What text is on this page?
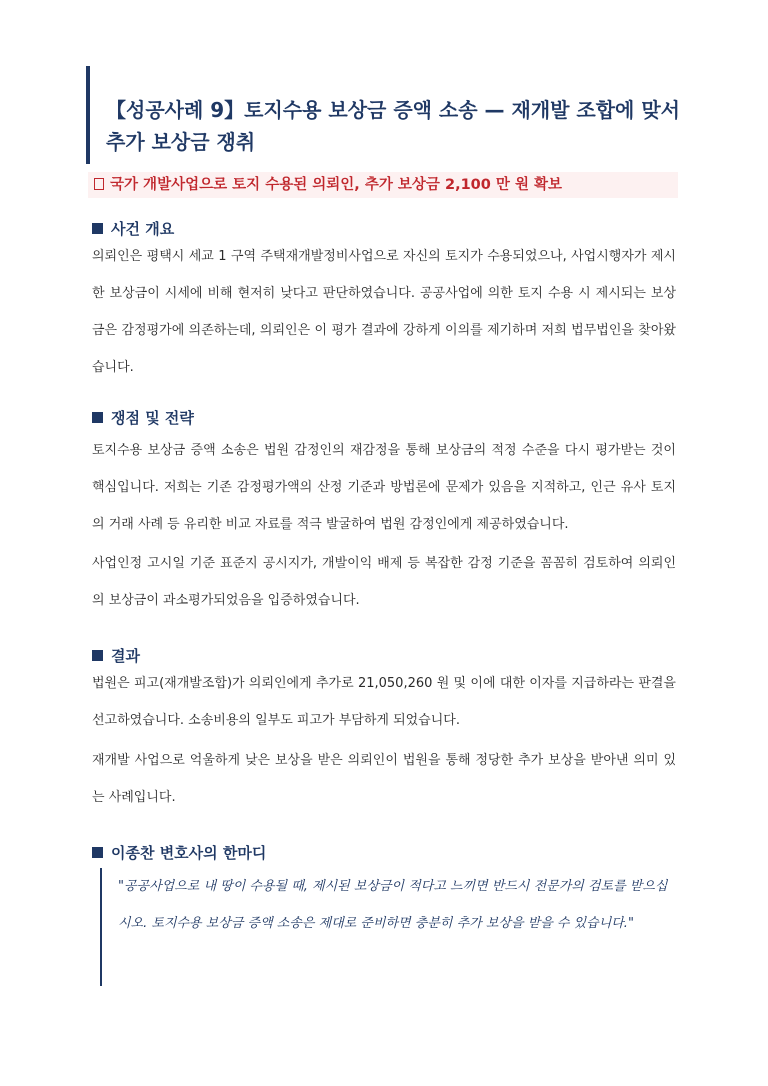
【성공사례 9】토지수용 보상금 증액 소송 — 재개발 조합에 맞서 추가 보상금 쟁취
국가 개발사업으로 토지 수용된 의뢰인, 추가 보상금 2,100 만 원 확보
사건 개요

의뢰인은 평택시 세교 1 구역 주택재개발정비사업으로 자신의 토지가 수용되었으나, 사업시행자가 제시한 보상금이 시세에 비해 현저히 낮다고 판단하였습니다. 공공사업에 의한 토지 수용 시 제시되는 보상금은 감정평가에 의존하는데, 의뢰인은 이 평가 결과에 강하게 이의를 제기하며 저희 법무법인을 찾아왔습니다.

쟁점 및 전략

토지수용 보상금 증액 소송은 법원 감정인의 재감정을 통해 보상금의 적정 수준을 다시 평가받는 것이 핵심입니다. 저희는 기존 감정평가액의 산정 기준과 방법론에 문제가 있음을 지적하고, 인근 유사 토지의 거래 사례 등 유리한 비교 자료를 적극 발굴하여 법원 감정인에게 제공하였습니다.

사업인정 고시일 기준 표준지 공시지가, 개발이익 배제 등 복잡한 감정 기준을 꼼꼼히 검토하여 의뢰인의 보상금이 과소평가되었음을 입증하였습니다.

결과

법원은 피고(재개발조합)가 의뢰인에게 추가로 21,050,260 원 및 이에 대한 이자를 지급하라는 판결을 선고하였습니다. 소송비용의 일부도 피고가 부담하게 되었습니다.

재개발 사업으로 억울하게 낮은 보상을 받은 의뢰인이 법원을 통해 정당한 추가 보상을 받아낸 의미 있는 사례입니다.

이종찬 변호사의 한마디

"공공사업으로 내 땅이 수용될 때, 제시된 보상금이 적다고 느끼면 반드시 전문가의 검토를 받으십시오. 토지수용 보상금 증액 소송은 제대로 준비하면 충분히 추가 보상을 받을 수 있습니다."
